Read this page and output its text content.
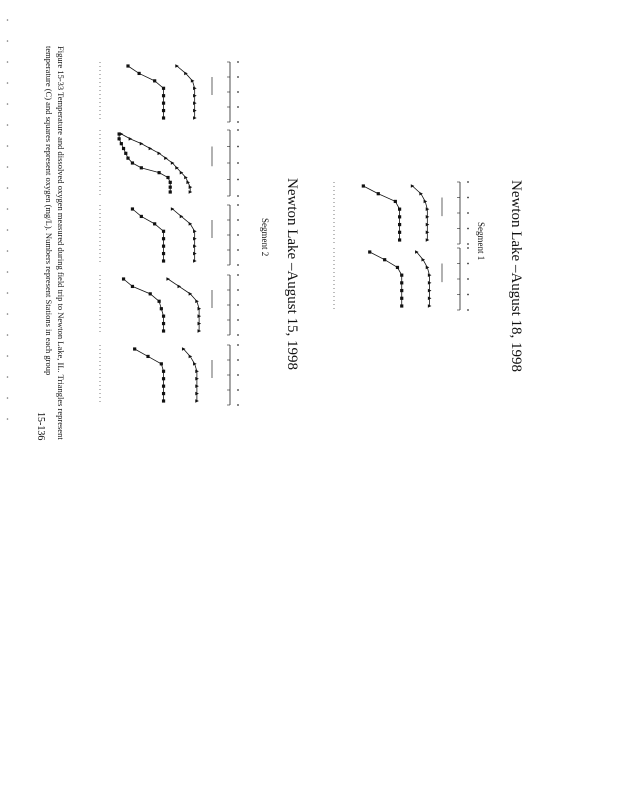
Newton Lake –August 18, 1998
Segment 1
Newton Lake –August 15, 1998
Segment 2
Figure 15-33 Temperature and dissolved oxygen measured during field trip to Newton Lake, IL. Triangles represent
temperature (C) and squares represent oxygen (mg/L). Numbers represent Stations in each group
15-136
